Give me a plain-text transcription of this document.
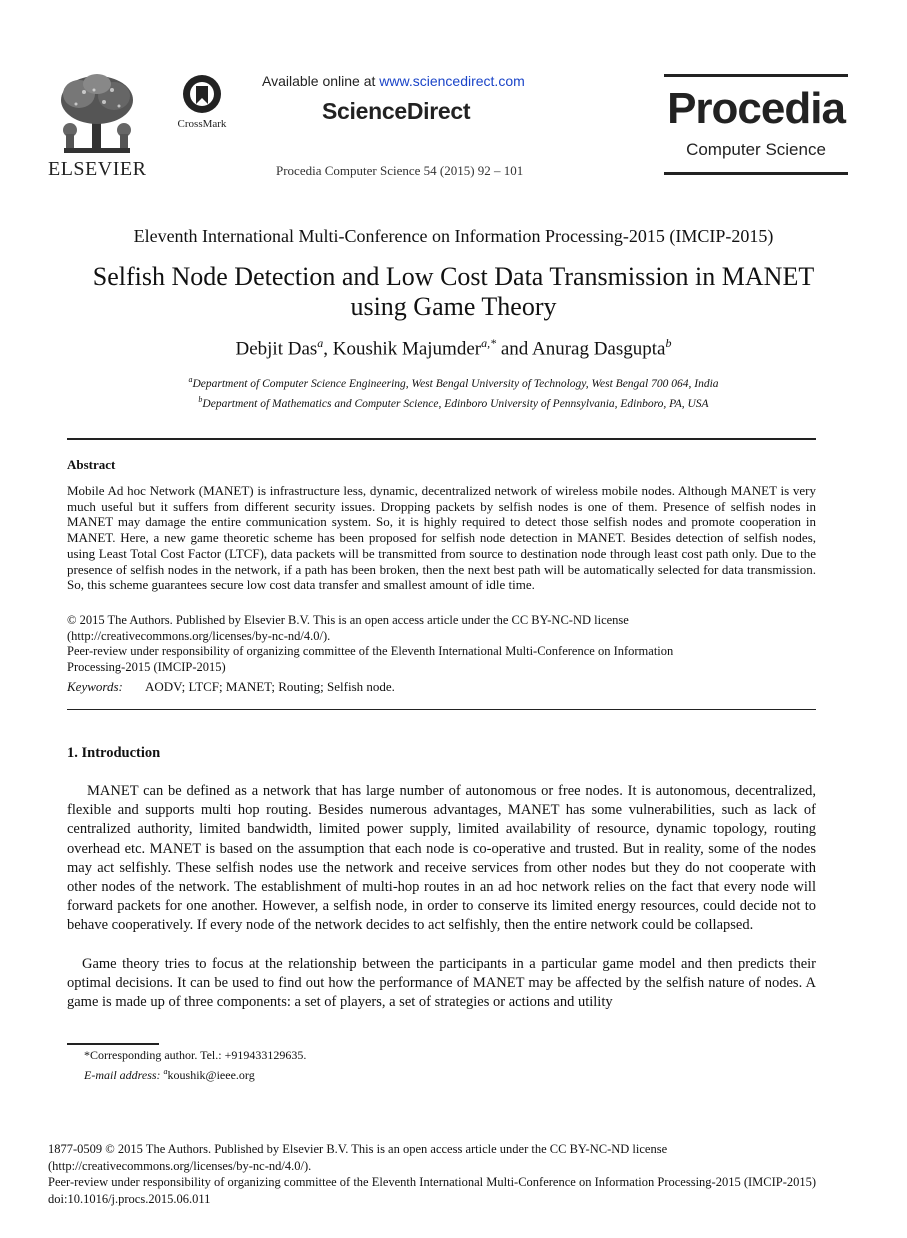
ELSEVIER
CrossMark
Available online at www.sciencedirect.com
ScienceDirect
Procedia Computer Science 54 (2015) 92 – 101
Procedia
Computer Science
Eleventh International Multi-Conference on Information Processing-2015 (IMCIP-2015)
Selfish Node Detection and Low Cost Data Transmission in MANET using Game Theory
Debjit Das$^a$, Koushik Majumder$^{a,*}$ and Anurag Dasgupta$^b$
$^a$Department of Computer Science Engineering, West Bengal University of Technology, West Bengal 700 064, India
$^b$Department of Mathematics and Computer Science, Edinboro University of Pennsylvania, Edinboro, PA, USA
Abstract
Mobile Ad hoc Network (MANET) is infrastructure less, dynamic, decentralized network of wireless mobile nodes. Although MANET is very much useful but it suffers from different security issues. Dropping packets by selfish nodes is one of them. Presence of selfish nodes in MANET may damage the entire communication system. So, it is highly required to detect those selfish nodes and promote cooperation in MANET. Here, a new game theoretic scheme has been proposed for selfish node detection in MANET. Besides detection of selfish nodes, using Least Total Cost Factor (LTCF), data packets will be transmitted from source to destination node through least cost path only. Due to the presence of selfish nodes in the network, if a path has been broken, then the next best path will be automatically selected for data transmission. So, this scheme guarantees secure low cost data transfer and smallest amount of idle time.
© 2015 The Authors. Published by Elsevier B.V. This is an open access article under the CC BY-NC-ND license
(http://creativecommons.org/licenses/by-nc-nd/4.0/).
Peer-review under responsibility of organizing committee of the Eleventh International Multi-Conference on Information
Processing-2015 (IMCIP-2015)
Keywords: AODV; LTCF; MANET; Routing; Selfish node.
1. Introduction
MANET can be defined as a network that has large number of autonomous or free nodes. It is autonomous, decentralized, flexible and supports multi hop routing. Besides numerous advantages, MANET has some vulnerabilities, such as lack of centralized authority, limited bandwidth, limited power supply, limited availability of resource, dynamic topology, routing overhead etc. MANET is based on the assumption that each node is co-operative and trusted. But in reality, some of the nodes may act selfishly. These selfish nodes use the network and receive services from other nodes but they do not cooperate with other nodes of the network. The establishment of multi-hop routes in an ad hoc network relies on the fact that every node will forward packets for one another. However, a selfish node, in order to conserve its limited energy resources, could decide not to behave cooperatively. If every node of the network decides to act selfishly, then the entire network could be collapsed.
Game theory tries to focus at the relationship between the participants in a particular game model and then predicts their optimal decisions. It can be used to find out how the performance of MANET may be affected by the selfish nature of nodes. A game is made up of three components: a set of players, a set of strategies or actions and utility
*Corresponding author. Tel.: +919433129635.
E-mail address: $^a$koushik@ieee.org
1877-0509 © 2015 The Authors. Published by Elsevier B.V. This is an open access article under the CC BY-NC-ND license
(http://creativecommons.org/licenses/by-nc-nd/4.0/).
Peer-review under responsibility of organizing committee of the Eleventh International Multi-Conference on Information Processing-2015 (IMCIP-2015)
doi:10.1016/j.procs.2015.06.011
